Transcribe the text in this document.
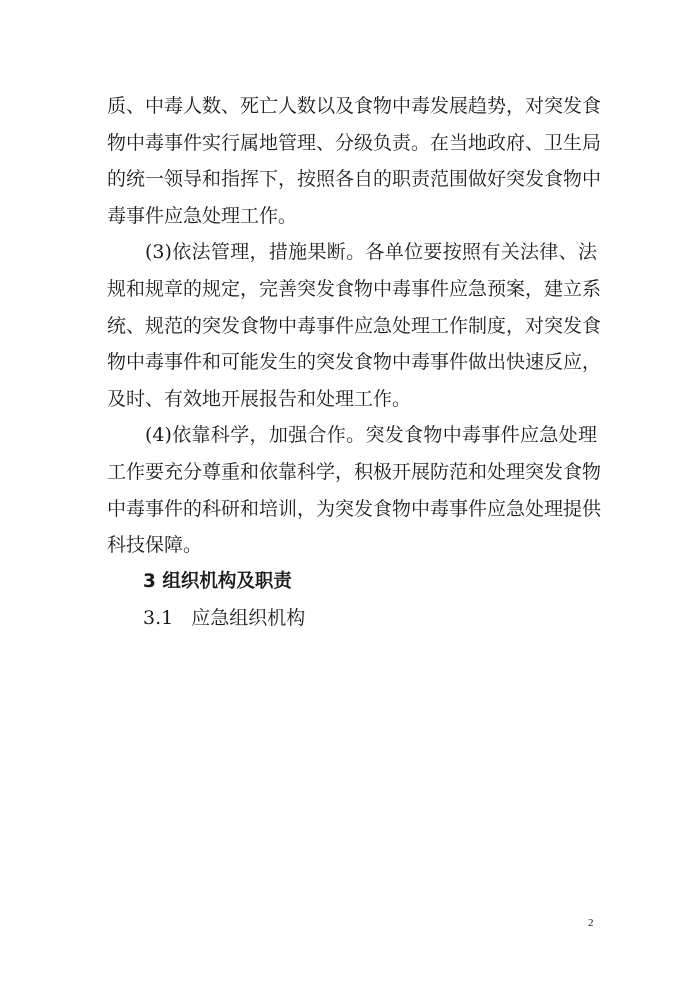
质、中毒人数、死亡人数以及食物中毒发展趋势，对突发食
物中毒事件实行属地管理、分级负责。在当地政府、卫生局
的统一领导和指挥下，按照各自的职责范围做好突发食物中
毒事件应急处理工作。
(3)依法管理，措施果断。各单位要按照有关法律、法
规和规章的规定，完善突发食物中毒事件应急预案，建立系
统、规范的突发食物中毒事件应急处理工作制度，对突发食
物中毒事件和可能发生的突发食物中毒事件做出快速反应，
及时、有效地开展报告和处理工作。
(4)依靠科学，加强合作。突发食物中毒事件应急处理
工作要充分尊重和依靠科学，积极开展防范和处理突发食物
中毒事件的科研和培训，为突发食物中毒事件应急处理提供
科技保障。
3 组织机构及职责
3.1 应急组织机构
2
